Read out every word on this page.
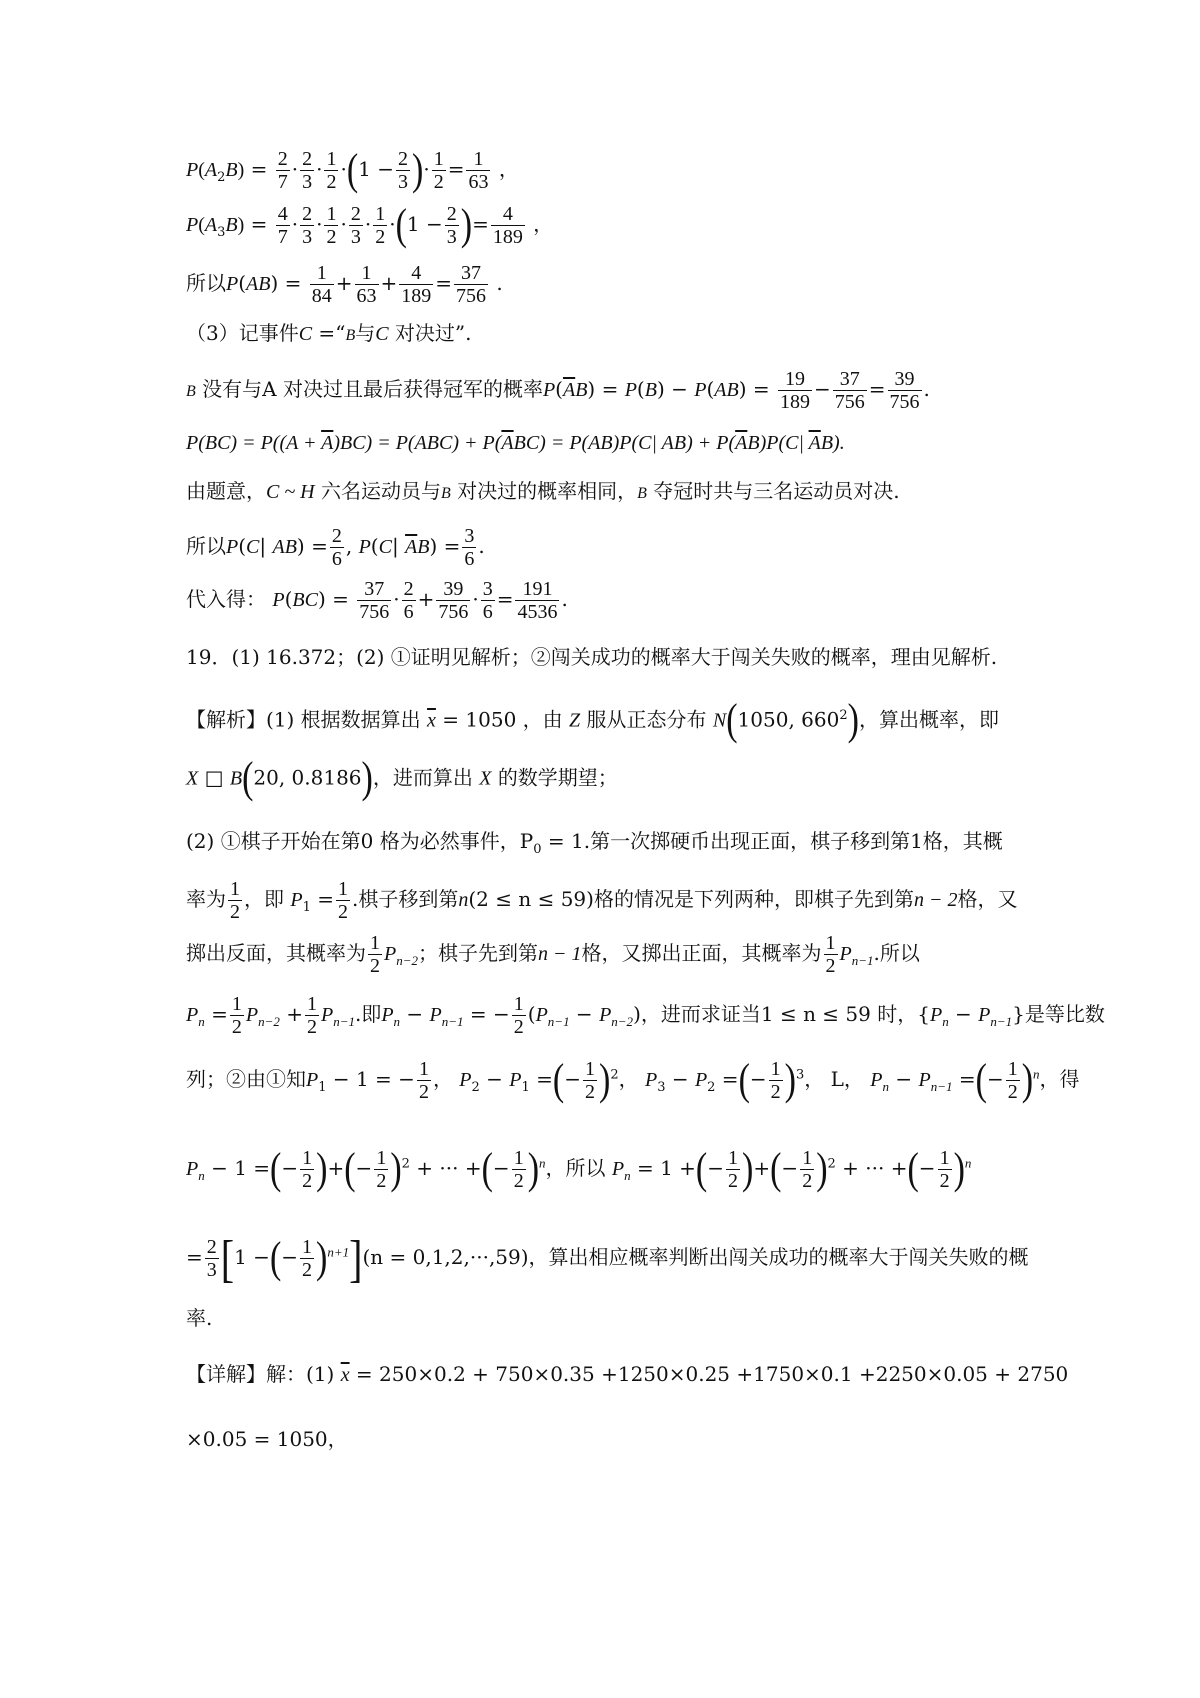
$P(A_2B) = \frac{2}{7} \cdot \frac{2}{3} \cdot \frac{1}{2} \cdot(1 - \frac{2}{3}$ )· $\frac{1}{2} = \frac{1}{63}$ ，
$P(A_3B) = \frac{4}{7} \cdot \frac{2}{3} \cdot \frac{1}{2} \cdot \frac{2}{3} \cdot \frac{1}{2} \cdot(1 - \frac{2}{3}$ )= $\frac{4}{189}$ ，
所以$P(AB) = \frac{1}{84} + \frac{1}{63} + \frac{4}{189} = \frac{37}{756}$ .
（3）记事件C =“B与C 对决过”.
B 没有与A 对决过且最后获得冠军的概率$P(\overline{A}B) = P(B) - P(AB) = \frac{19}{189} - \frac{37}{756} = \frac{39}{756}$ .
$P(BC) = P((A + \overline{A})BC) = P(ABC) + P(\overline{A}BC) = P(AB)P(C|$ $AB) + P(\overline{A}B)P(C|$ $\overline{A}B$).
由题意，C ~ H 六名运动员与B 对决过的概率相同，B 夺冠时共与三名运动员对决.
所以P(C| $AB) = \frac{2}{6}$ , P(C| $\overline{A}B) = \frac{3}{6}$ .
代入得： $P(BC) = \frac{37}{756} \cdot \frac{2}{6} + \frac{39}{756} \cdot \frac{3}{6} = \frac{191}{4536}$ .
19．(1) 16.372；(2) ①证明见解析；②闯关成功的概率大于闯关失败的概率，理由见解析.
【解析】(1) 根据数据算出 $\overline{x} = 1050$ ，由 Z 服从正态分布 N(1050, $660^2$)，算出概率，即
X □ B(20, 0.8186)，进而算出 X 的数学期望；
(2) ①棋子开始在第0 格为必然事件，$P_0 = 1$.第一次掷硬币出现正面，棋子移到第1格，其概
率为 $\frac{1}{2}$ ，即 $P_1 = \frac{1}{2}$ .棋子移到第n(2 ≤ n ≤ 59)格的情况是下列两种，即棋子先到第n − 2格，又
掷出反面，其概率为 $\frac{1}{2} P_{n-2}$；棋子先到第n − 1格，又掷出正面，其概率为 $\frac{1}{2} P_{n-1}$.所以
$P_n = \frac{1}{2} P_{n-2} + \frac{1}{2} P_{n-1}$.即$P_n - P_{n-1}$ = − $\frac{1}{2} (P_{n-1} - P_{n-2})$，进而求证当1 ≤ n ≤ 59 时，$\{P_n - P_{n-1}\}$是等比数
列；②由①知$P_1 - 1$ = − $\frac{1}{2}$ ， $P_2 - P_1$ =(− $\frac{1}{2} )^2$， $P_3 - P_2$ =(− $\frac{1}{2} )^3$， L， $P_n - P_{n-1}$ =(− $\frac{1}{2} )^n$，得
$P_n - 1$ =(− $\frac{1}{2}$ )+(− $\frac{1}{2} )^2$ + ··· +(− $\frac{1}{2} )^n$，所以 $P_n = 1$ +(− $\frac{1}{2}$ )+(− $\frac{1}{2} )^2$ + ··· +(− $\frac{1}{2} )^n$
= $\frac{2}{3} [1$ −(− $\frac{1}{2} )^{n+1}](n = 0,1,2,\cdot\cdot\cdot,59)$，算出相应概率判断出闯关成功的概率大于闯关失败的概
率.
【详解】解：(1) $\overline{x} = 250\times 0.2 + 750\times 0.35 +1250\times 0.25 +1750\times 0.1 +2250\times 0.05 + 2750$
×0.05 = 1050，
